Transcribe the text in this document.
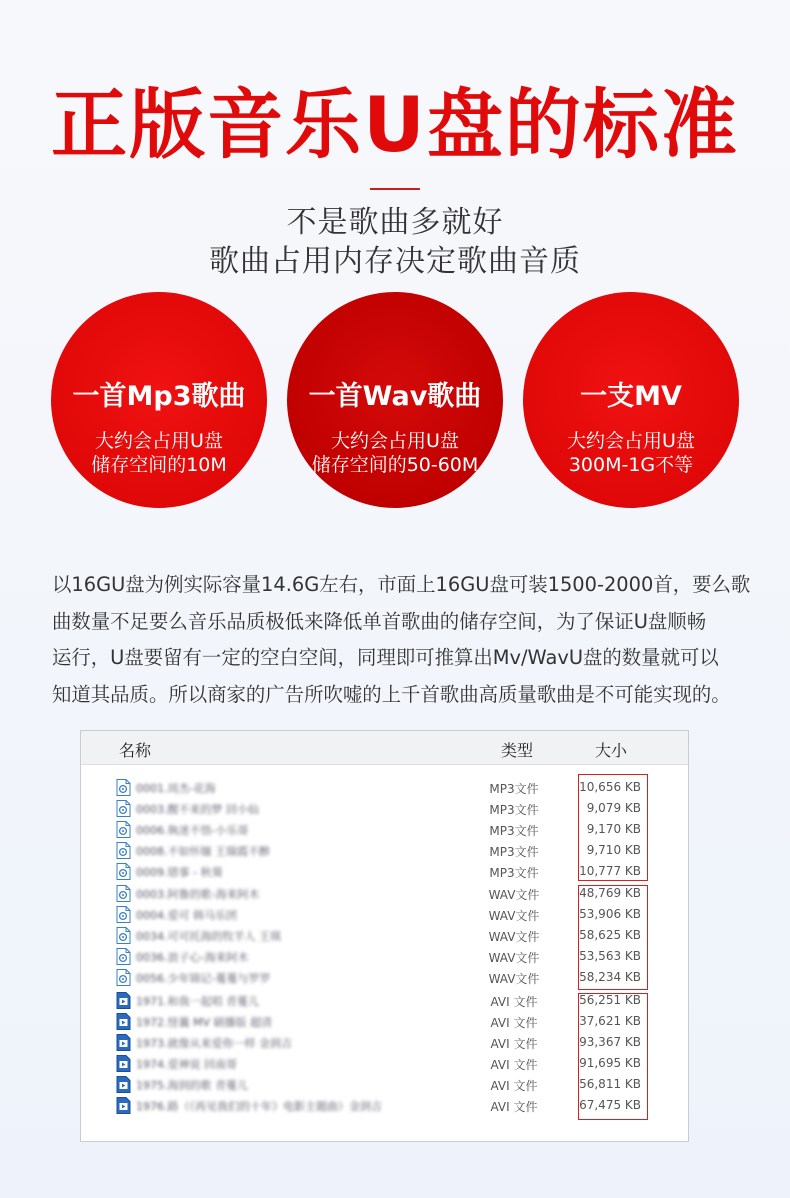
正版音乐U盘的标准
不是歌曲多就好
歌曲占用内存决定歌曲音质
一首Mp3歌曲
大约会占用U盘
储存空间的10M
一首Wav歌曲
大约会占用U盘
储存空间的50-60M
一支MV
大约会占用U盘
300M-1G不等
以16GU盘为例实际容量14.6G左右，市面上16GU盘可装1500-2000首，要么歌
曲数量不足要么音乐品质极低来降低单首歌曲的储存空间，为了保证U盘顺畅
运行，U盘要留有一定的空白空间，同理即可推算出Mv/WavU盘的数量就可以
知道其品质。所以商家的广告所吹嘘的上千首歌曲高质量歌曲是不可能实现的。
名称	类型	大小
0001.周杰-花海	MP3文件	10,656 KB
0003.醒不来的梦 回小仙	MP3文件	9,079 KB
0006.執迷不悟-小乐哥	MP3文件	9,170 KB
0008.不如怀缅 王瑞霞不醉	MP3文件	9,710 KB
0009.错事 - 秋葵	MP3文件	10,777 KB
0003.阿鲁的歌-海来阿木	WAV文件	48,769 KB
0004.爱可 韩马乐团	WAV文件	53,906 KB
0034.可可托海的牧羊人 王琪	WAV文件	58,625 KB
0036.浪子心-海来阿木	WAV文件	53,563 KB
0056.少年锦记-蔓蔓与罗罗	WAV文件	58,234 KB
1971.和我一起唱 青蔓儿	AVI 文件	56,251 KB
1972.怪曩 MV 刷播版 超清	AVI 文件	37,621 KB
1973.就像从来爱你一样 金润吉	AVI 文件	93,367 KB
1974.爱神说 回南哥	AVI 文件	91,695 KB
1975.海到的歌 青蔓儿	AVI 文件	56,811 KB
1976.路（《再见我们的十年》电影主题曲）金润吉	AVI 文件	67,475 KB
